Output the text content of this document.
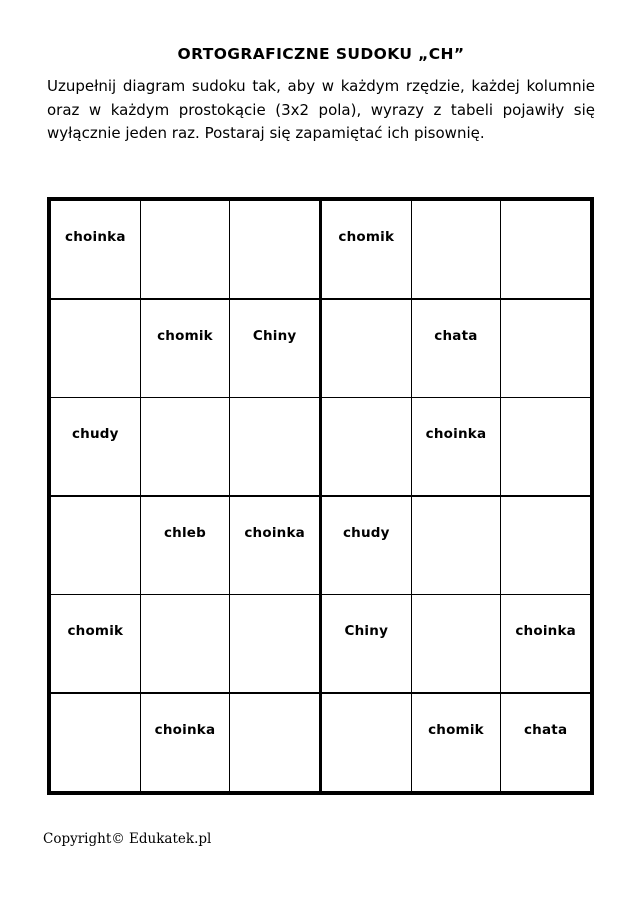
ORTOGRAFICZNE SUDOKU „CH”
Uzupełnij diagram sudoku tak, aby w każdym rzędzie, każdej kolumnie oraz w każdym prostokącie (3x2 pola), wyrazy z tabeli pojawiły się wyłącznie jeden raz. Postaraj się zapamiętać ich pisownię.
choinka			chomik		

	chomik	Chiny		chata	

chudy				choinka	

	chleb	choinka	chudy		

chomik			Chiny		choinka

	choinka			chomik	chata
Copyright© Edukatek.pl
